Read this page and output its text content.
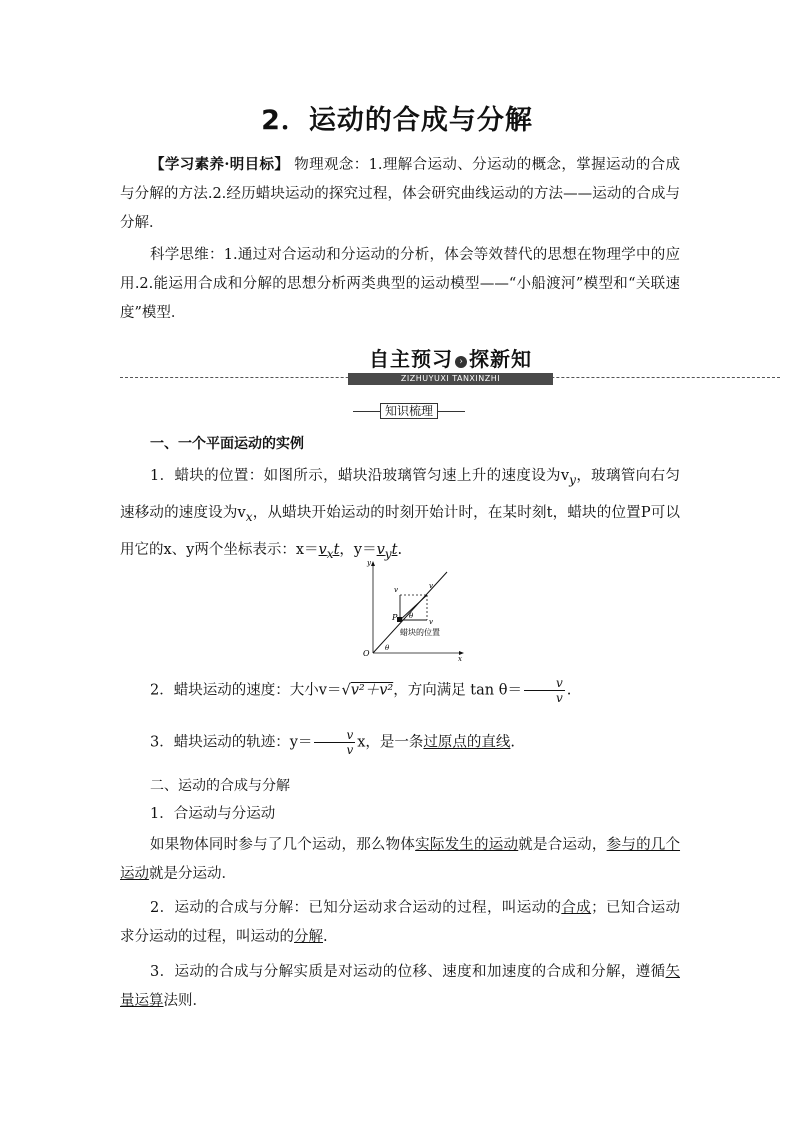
2．运动的合成与分解
【学习素养·明目标】 物理观念：1.理解合运动、分运动的概念，掌握运动的合成与分解的方法.2.经历蜡块运动的探究过程，体会研究曲线运动的方法——运动的合成与分解．
科学思维：1.通过对合运动和分运动的分析，体会等效替代的思想在物理学中的应用.2.能运用合成和分解的思想分析两类典型的运动模型——“小船渡河”模型和“关联速度”模型．
自主预习 › 探新知
ZIZHUYUXI TANXINZHI
知识梳理
一、一个平面运动的实例
1．蜡块的位置：如图所示，蜡块沿玻璃管匀速上升的速度设为$v_y$，玻璃管向右匀速移动的速度设为$v_x$，从蜡块开始运动的时刻开始计时，在某时刻t，蜡块的位置P可以用它的x、y两个坐标表示：$x=v_xt$，$y=v_yt$.
y
x
O
v	v
v
P θ
θ
蜡块的位置
2．蜡块运动的速度：大小v＝√v²＋v²，方向满足 $\tan \theta= \frac{v}{v}$ .
3．蜡块运动的轨迹：$y= \frac{v}{v}$ x，是一条过原点的直线.
二、运动的合成与分解
1．合运动与分运动
如果物体同时参与了几个运动，那么物体实际发生的运动就是合运动，参与的几个运动就是分运动．
2．运动的合成与分解：已知分运动求合运动的过程，叫运动的合成；已知合运动求分运动的过程，叫运动的分解.
3．运动的合成与分解实质是对运动的位移、速度和加速度的合成和分解，遵循矢量运算法则．
